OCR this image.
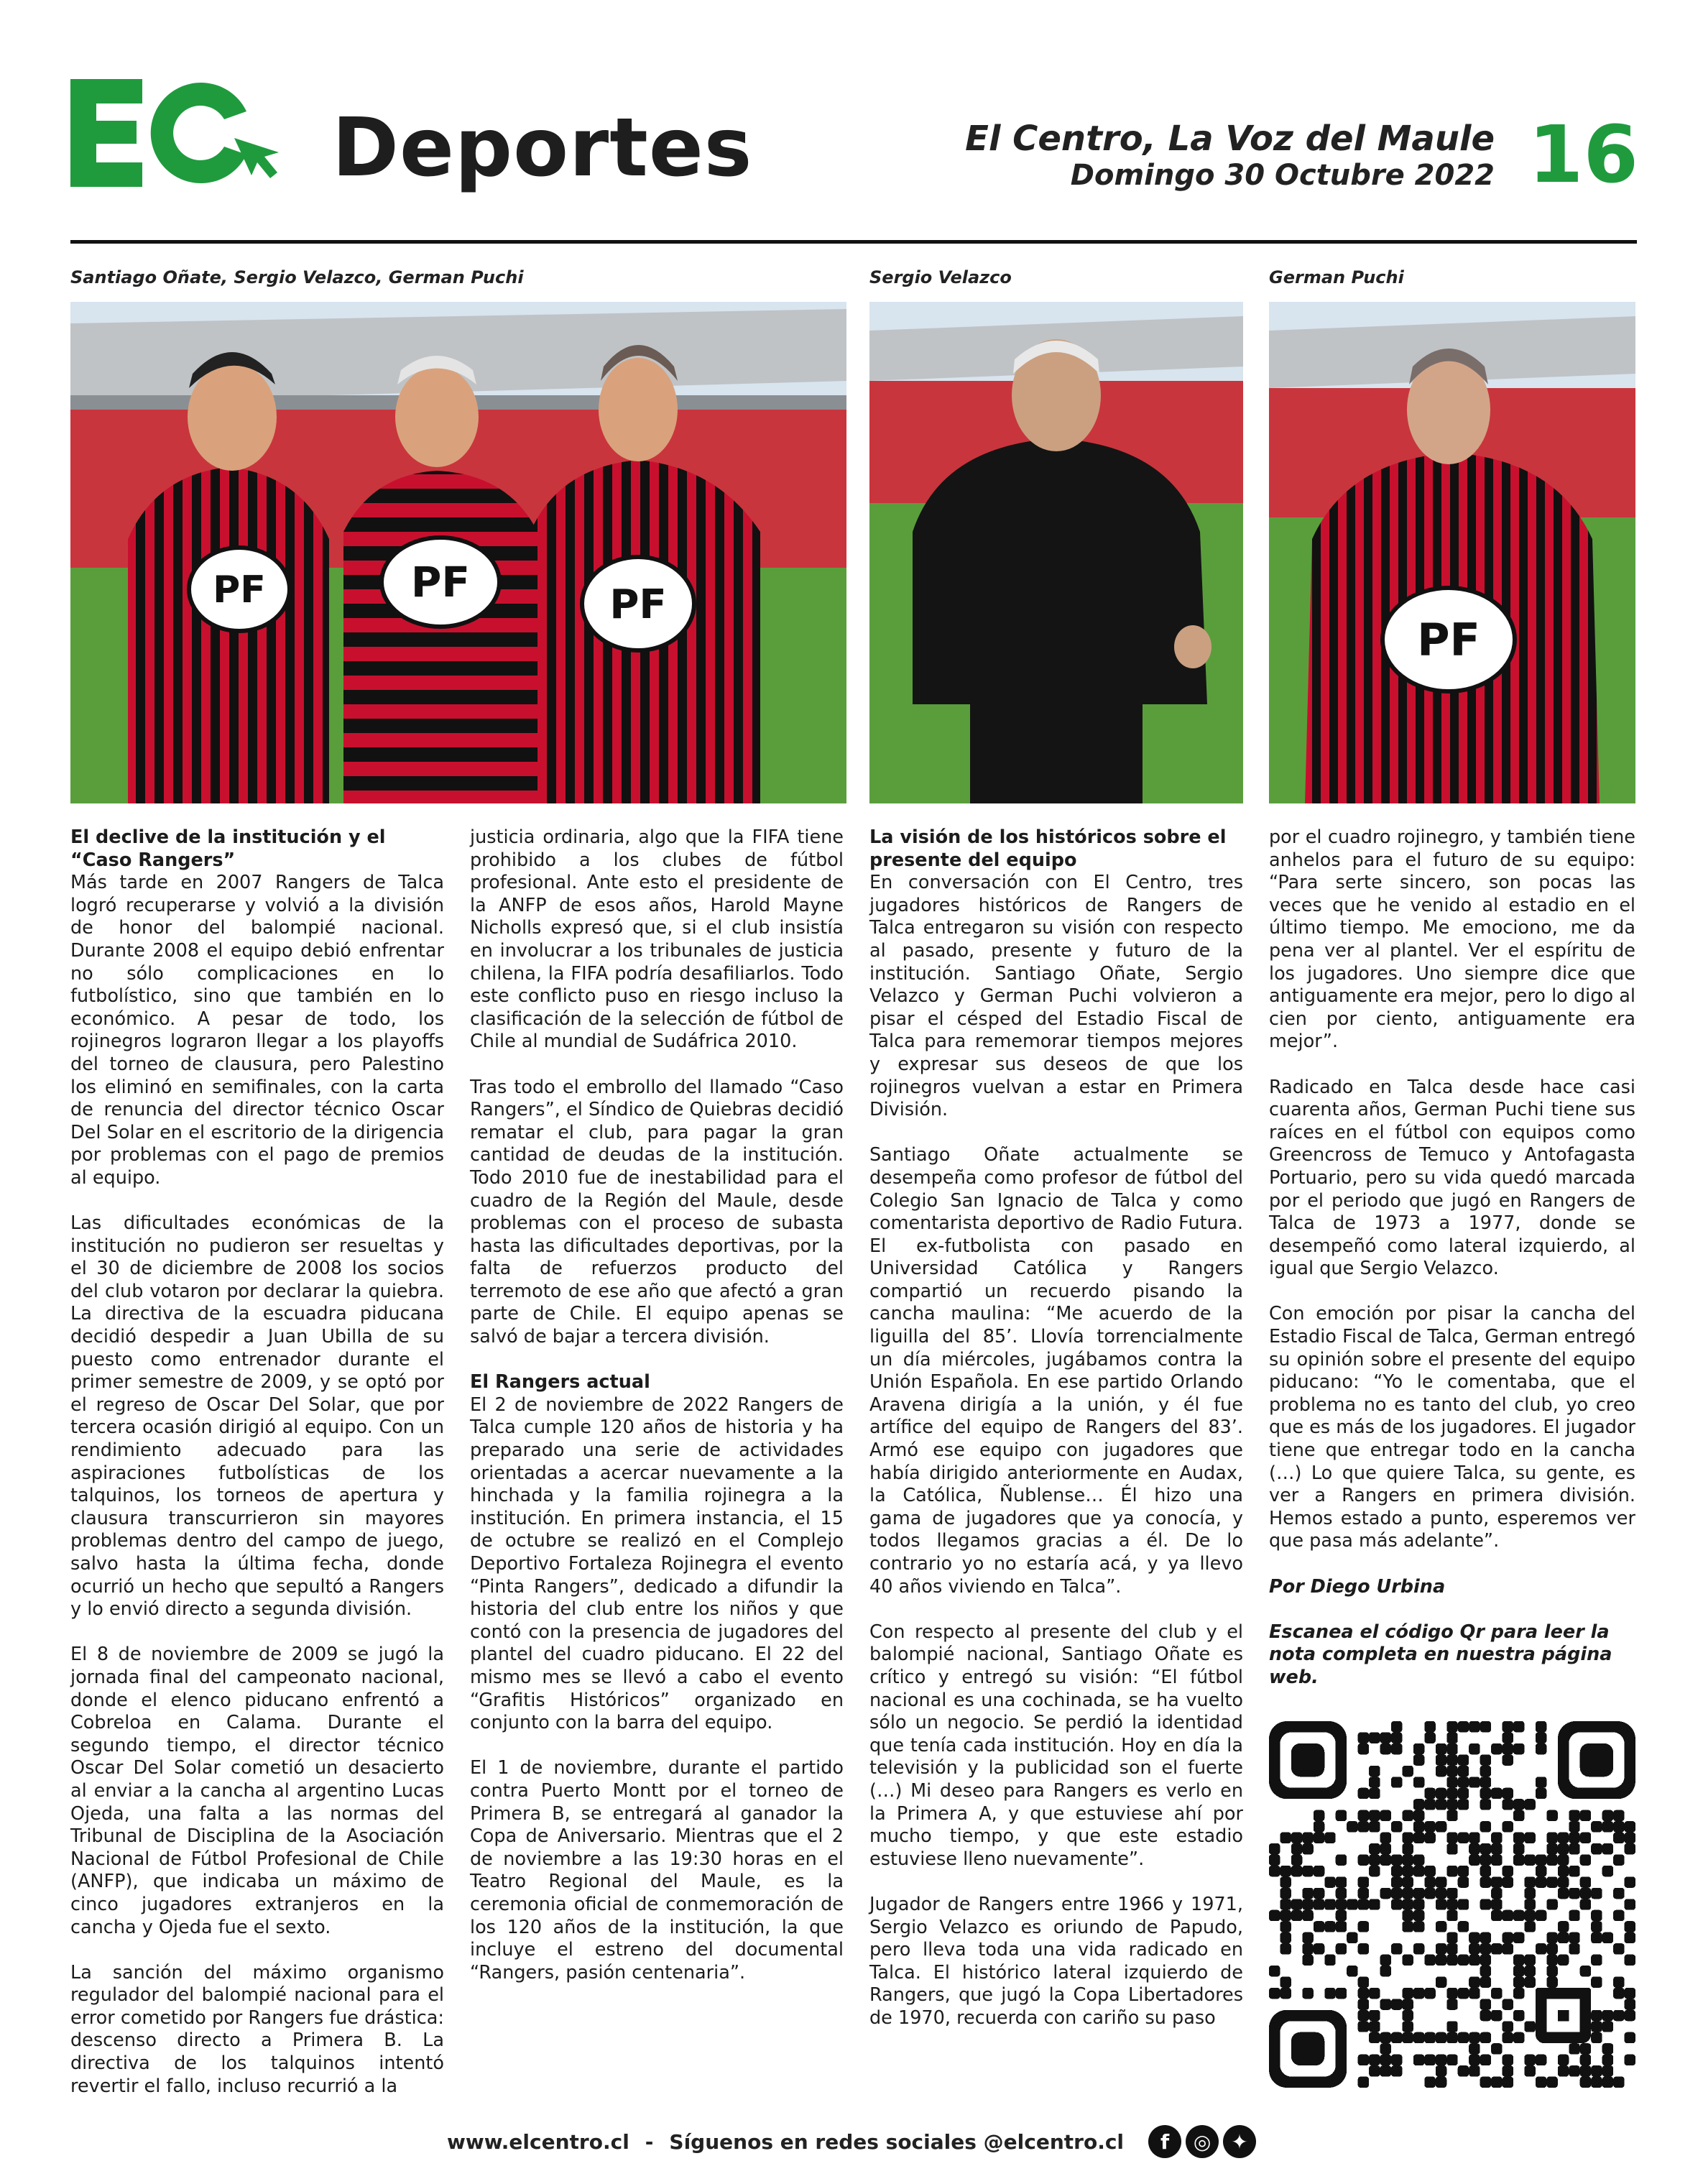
Deportes	El Centro, La Voz del Maule
Domingo 30 Octubre 2022 16
Santiago Oñate, Sergio Velazco, German Puchi	Sergio Velazco	German Puchi
PF	PF	PF
PF

El declive de la institución y el “Caso Rangers”

Más tarde en 2007 Rangers de Talca logró recuperarse y volvió a la división de honor del balompié nacional. Durante 2008 el equipo debió enfrentar no sólo complicaciones en lo futbolístico, sino que también en lo económico. A pesar de todo, los rojinegros lograron llegar a los playoffs del torneo de clausura, pero Palestino los eliminó en semifinales, con la carta de renuncia del director técnico Oscar Del Solar en el escritorio de la dirigencia por problemas con el pago de premios al equipo.

Las dificultades económicas de la institución no pudieron ser resueltas y el 30 de diciembre de 2008 los socios del club votaron por declarar la quiebra. La directiva de la escuadra piducana decidió despedir a Juan Ubilla de su puesto como entrenador durante el primer semestre de 2009, y se optó por el regreso de Oscar Del Solar, que por tercera ocasión dirigió al equipo. Con un rendimiento adecuado para las aspiraciones futbolísticas de los talquinos, los torneos de apertura y clausura transcurrieron sin mayores problemas dentro del campo de juego, salvo hasta la última fecha, donde ocurrió un hecho que sepultó a Rangers y lo envió directo a segunda división.

El 8 de noviembre de 2009 se jugó la jornada final del campeonato nacional, donde el elenco piducano enfrentó a Cobreloa en Calama. Durante el segundo tiempo, el director técnico Oscar Del Solar cometió un desacierto al enviar a la cancha al argentino Lucas Ojeda, una falta a las normas del Tribunal de Disciplina de la Asociación Nacional de Fútbol Profesional de Chile (ANFP), que indicaba un máximo de cinco jugadores extranjeros en la cancha y Ojeda fue el sexto.

La sanción del máximo organismo regulador del balompié nacional para el error cometido por Rangers fue drástica: descenso directo a Primera B. La directiva de los talquinos intentó revertir el fallo, incluso recurrió a la

justicia ordinaria, algo que la FIFA tiene prohibido a los clubes de fútbol profesional. Ante esto el presidente de la ANFP de esos años, Harold Mayne Nicholls expresó que, si el club insistía en involucrar a los tribunales de justicia chilena, la FIFA podría desafiliarlos. Todo este conflicto puso en riesgo incluso la clasificación de la selección de fútbol de Chile al mundial de Sudáfrica 2010.

Tras todo el embrollo del llamado “Caso Rangers”, el Síndico de Quiebras decidió rematar el club, para pagar la gran cantidad de deudas de la institución. Todo 2010 fue de inestabilidad para el cuadro de la Región del Maule, desde problemas con el proceso de subasta hasta las dificultades deportivas, por la falta de refuerzos producto del terremoto de ese año que afectó a gran parte de Chile. El equipo apenas se salvó de bajar a tercera división.

El Rangers actual

El 2 de noviembre de 2022 Rangers de Talca cumple 120 años de historia y ha preparado una serie de actividades orientadas a acercar nuevamente a la hinchada y la familia rojinegra a la institución. En primera instancia, el 15 de octubre se realizó en el Complejo Deportivo Fortaleza Rojinegra el evento “Pinta Rangers”, dedicado a difundir la historia del club entre los niños y que contó con la presencia de jugadores del plantel del cuadro piducano. El 22 del mismo mes se llevó a cabo el evento “Grafitis Históricos” organizado en conjunto con la barra del equipo.

El 1 de noviembre, durante el partido contra Puerto Montt por el torneo de Primera B, se entregará al ganador la Copa de Aniversario. Mientras que el 2 de noviembre a las 19:30 horas en el Teatro Regional del Maule, es la ceremonia oficial de conmemoración de los 120 años de la institución, la que incluye el estreno del documental “Rangers, pasión centenaria”.

La visión de los históricos sobre el presente del equipo

En conversación con El Centro, tres jugadores históricos de Rangers de Talca entregaron su visión con respecto al pasado, presente y futuro de la institución. Santiago Oñate, Sergio Velazco y German Puchi volvieron a pisar el césped del Estadio Fiscal de Talca para rememorar tiempos mejores y expresar sus deseos de que los rojinegros vuelvan a estar en Primera División.

Santiago Oñate actualmente se desempeña como profesor de fútbol del Colegio San Ignacio de Talca y como comentarista deportivo de Radio Futura. El ex-futbolista con pasado en Universidad Católica y Rangers compartió un recuerdo pisando la cancha maulina: “Me acuerdo de la liguilla del 85’. Llovía torrencialmente un día miércoles, jugábamos contra la Unión Española. En ese partido Orlando Aravena dirigía a la unión, y él fue artífice del equipo de Rangers del 83’. Armó ese equipo con jugadores que había dirigido anteriormente en Audax, la Católica, Ñublense… Él hizo una gama de jugadores que ya conocía, y todos llegamos gracias a él. De lo contrario yo no estaría acá, y ya llevo 40 años viviendo en Talca”.

Con respecto al presente del club y el balompié nacional, Santiago Oñate es crítico y entregó su visión: “El fútbol nacional es una cochinada, se ha vuelto sólo un negocio. Se perdió la identidad que tenía cada institución. Hoy en día la televisión y la publicidad son el fuerte (…) Mi deseo para Rangers es verlo en la Primera A, y que estuviese ahí por mucho tiempo, y que este estadio estuviese lleno nuevamente”.

Jugador de Rangers entre 1966 y 1971, Sergio Velazco es oriundo de Papudo, pero lleva toda una vida radicado en Talca. El histórico lateral izquierdo de Rangers, que jugó la Copa Libertadores de 1970, recuerda con cariño su paso

por el cuadro rojinegro, y también tiene anhelos para el futuro de su equipo: “Para serte sincero, son pocas las veces que he venido al estadio en el último tiempo. Me emociono, me da pena ver al plantel. Ver el espíritu de los jugadores. Uno siempre dice que antiguamente era mejor, pero lo digo al cien por ciento, antiguamente era mejor”.

Radicado en Talca desde hace casi cuarenta años, German Puchi tiene sus raíces en el fútbol con equipos como Greencross de Temuco y Antofagasta Portuario, pero su vida quedó marcada por el periodo que jugó en Rangers de Talca de 1973 a 1977, donde se desempeñó como lateral izquierdo, al igual que Sergio Velazco.

Con emoción por pisar la cancha del Estadio Fiscal de Talca, German entregó su opinión sobre el presente del equipo piducano: “Yo le comentaba, que el problema no es tanto del club, yo creo que es más de los jugadores. El jugador tiene que entregar todo en la cancha (…) Lo que quiere Talca, su gente, es ver a Rangers en primera división. Hemos estado a punto, esperemos ver que pasa más adelante”.

Por Diego Urbina

Escanea el código Qr para leer la nota completa en nuestra página web.

www.elcentro.cl - Síguenos en redes sociales @elcentro.cl	f	◎	✦
